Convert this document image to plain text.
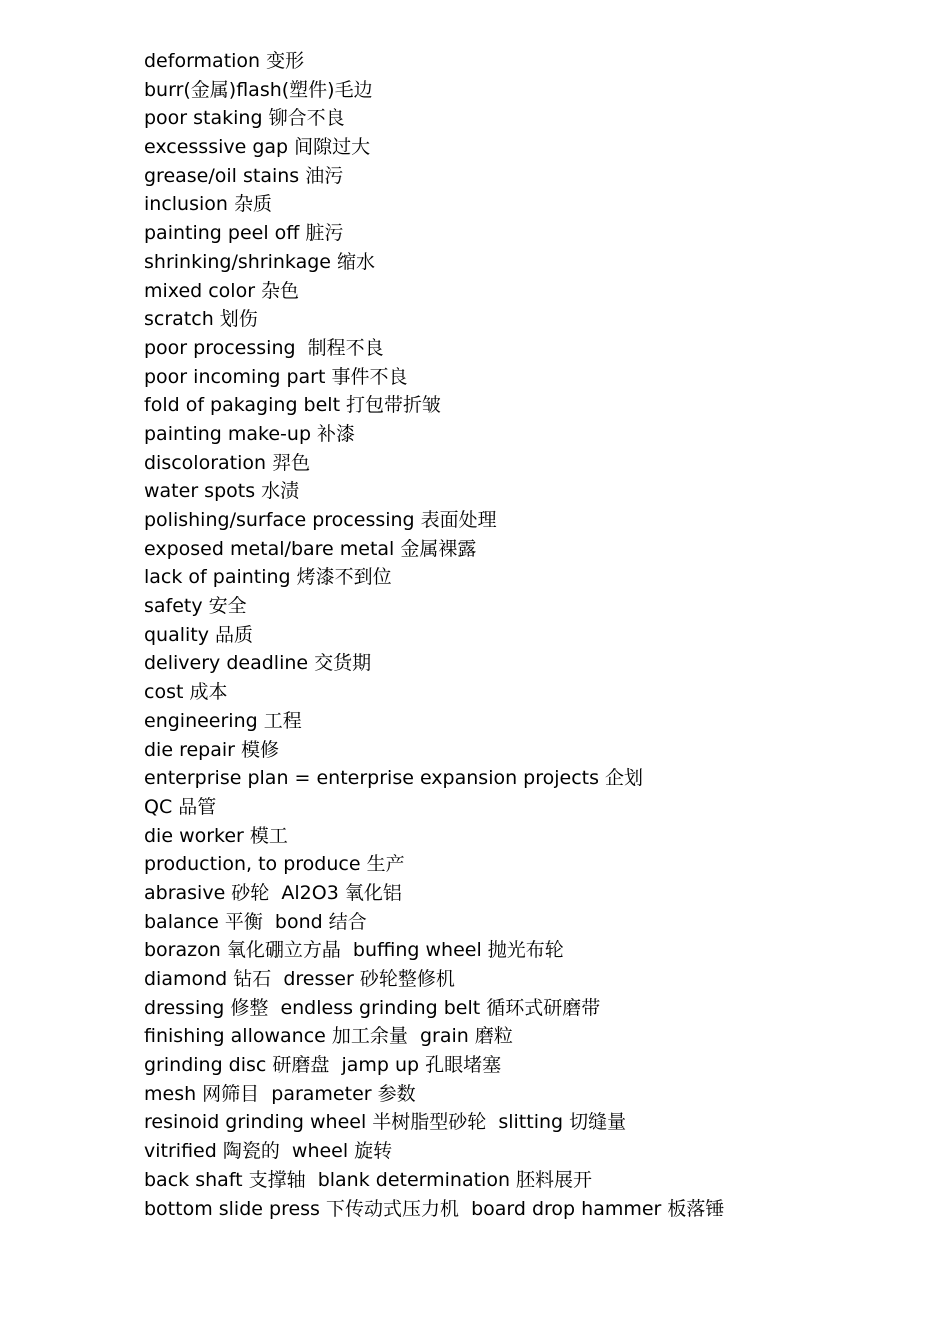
deformation 变形
burr(金属)flash(塑件)毛边
poor staking 铆合不良
excesssive gap 间隙过大
grease/oil stains 油污
inclusion 杂质
painting peel off 脏污
shrinking/shrinkage 缩水
mixed color 杂色
scratch 划伤
poor processing  制程不良
poor incoming part 事件不良
fold of pakaging belt 打包带折皱
painting make-up 补漆
discoloration 羿色
water spots 水渍
polishing/surface processing 表面处理
exposed metal/bare metal 金属裸露
lack of painting 烤漆不到位
safety 安全
quality 品质
delivery deadline 交货期
cost 成本
engineering 工程
die repair 模修
enterprise plan = enterprise expansion projects 企划
QC 品管
die worker 模工
production, to produce 生产
abrasive 砂轮  Al2O3 氧化铝
balance 平衡  bond 结合
borazon 氧化硼立方晶  buffing wheel 抛光布轮
diamond 钻石  dresser 砂轮整修机
dressing 修整  endless grinding belt 循环式研磨带
finishing allowance 加工余量  grain 磨粒
grinding disc 研磨盘  jamp up 孔眼堵塞
mesh 网筛目  parameter 参数
resinoid grinding wheel 半树脂型砂轮  slitting 切缝量
vitrified 陶瓷的  wheel 旋转
back shaft 支撑轴  blank determination 胚料展开
bottom slide press 下传动式压力机  board drop hammer 板落锤
